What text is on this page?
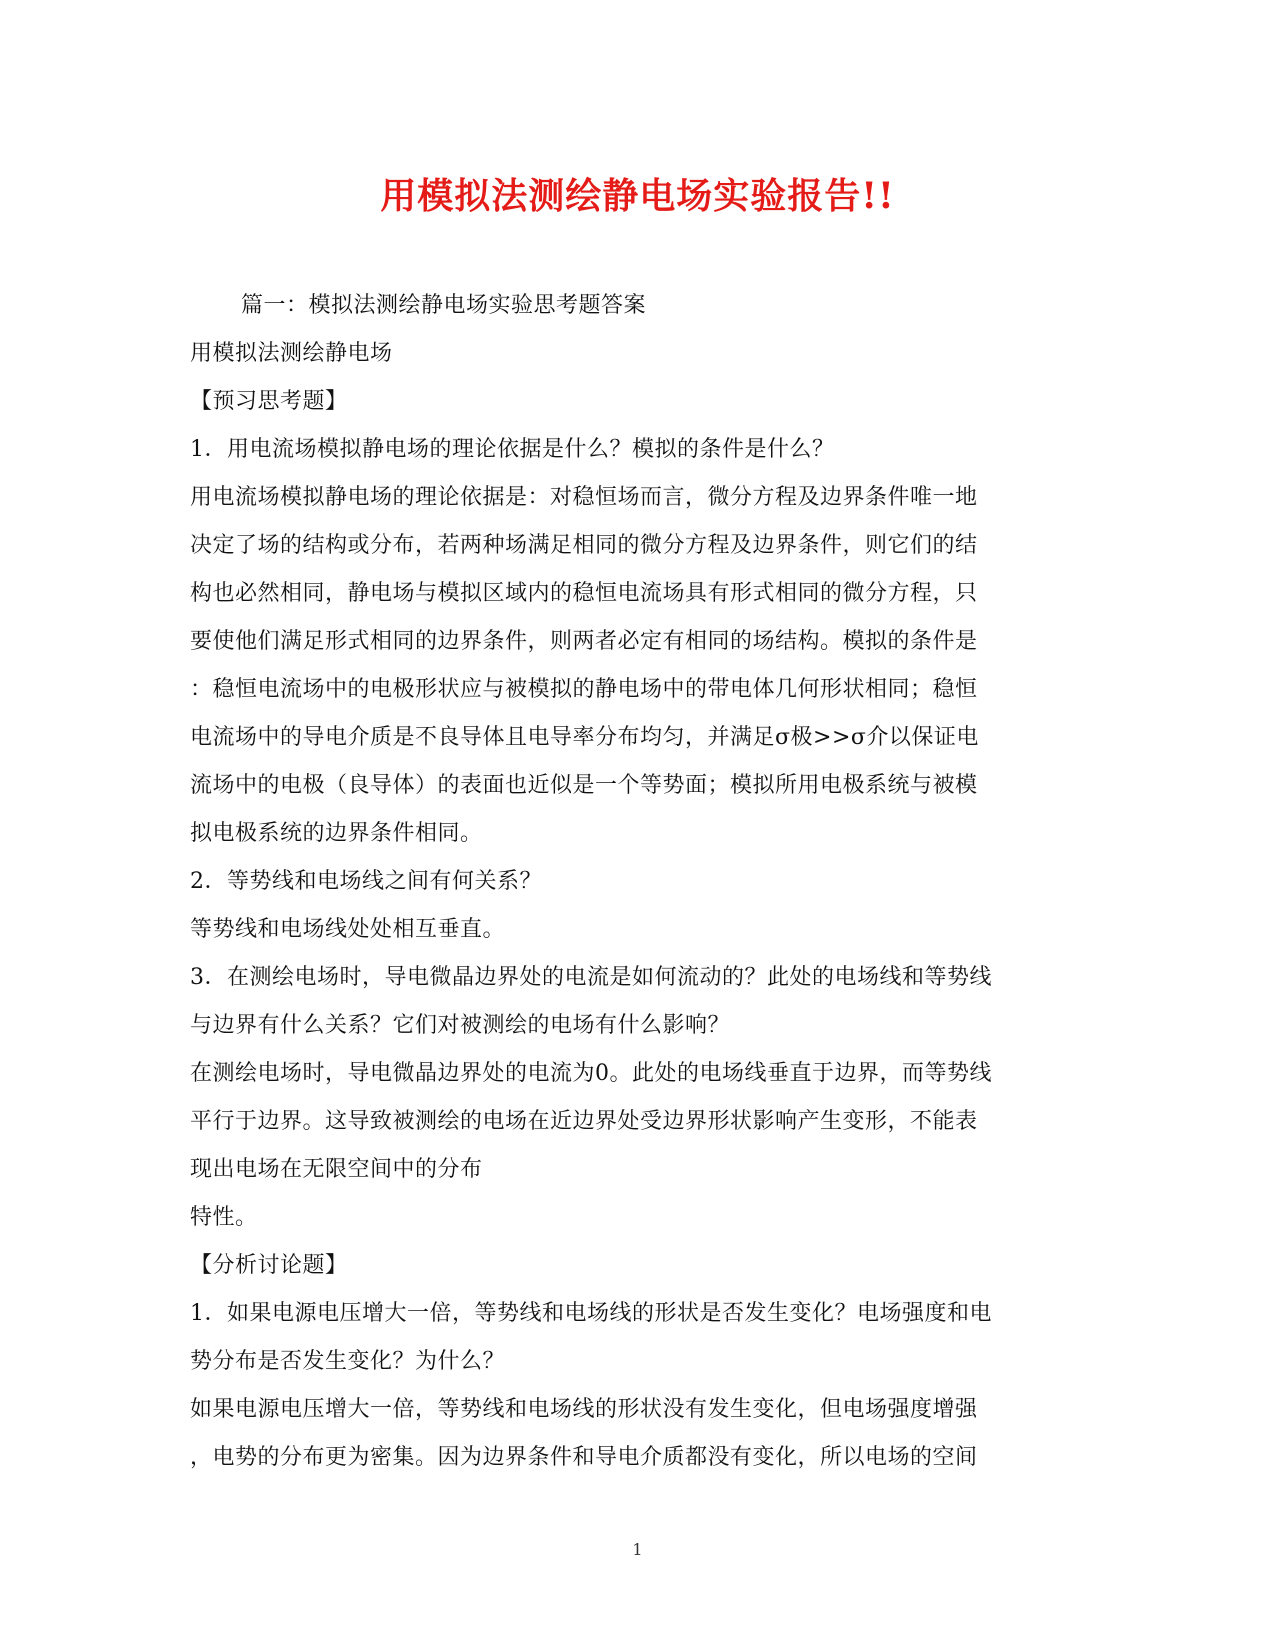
用模拟法测绘静电场实验报告!!
篇一：模拟法测绘静电场实验思考题答案
用模拟法测绘静电场
【预习思考题】
1．用电流场模拟静电场的理论依据是什么？模拟的条件是什么？
用电流场模拟静电场的理论依据是：对稳恒场而言，微分方程及边界条件唯一地
决定了场的结构或分布，若两种场满足相同的微分方程及边界条件，则它们的结
构也必然相同，静电场与模拟区域内的稳恒电流场具有形式相同的微分方程，只
要使他们满足形式相同的边界条件，则两者必定有相同的场结构。模拟的条件是
：稳恒电流场中的电极形状应与被模拟的静电场中的带电体几何形状相同；稳恒
电流场中的导电介质是不良导体且电导率分布均匀，并满足σ极>>σ介以保证电
流场中的电极（良导体）的表面也近似是一个等势面；模拟所用电极系统与被模
拟电极系统的边界条件相同。
2．等势线和电场线之间有何关系？
等势线和电场线处处相互垂直。
3．在测绘电场时，导电微晶边界处的电流是如何流动的？此处的电场线和等势线
与边界有什么关系？它们对被测绘的电场有什么影响？
在测绘电场时，导电微晶边界处的电流为0。此处的电场线垂直于边界，而等势线
平行于边界。这导致被测绘的电场在近边界处受边界形状影响产生变形，不能表
现出电场在无限空间中的分布
特性。
【分析讨论题】
1．如果电源电压增大一倍，等势线和电场线的形状是否发生变化？电场强度和电
势分布是否发生变化？为什么？
如果电源电压增大一倍，等势线和电场线的形状没有发生变化，但电场强度增强
，电势的分布更为密集。因为边界条件和导电介质都没有变化，所以电场的空间
1
